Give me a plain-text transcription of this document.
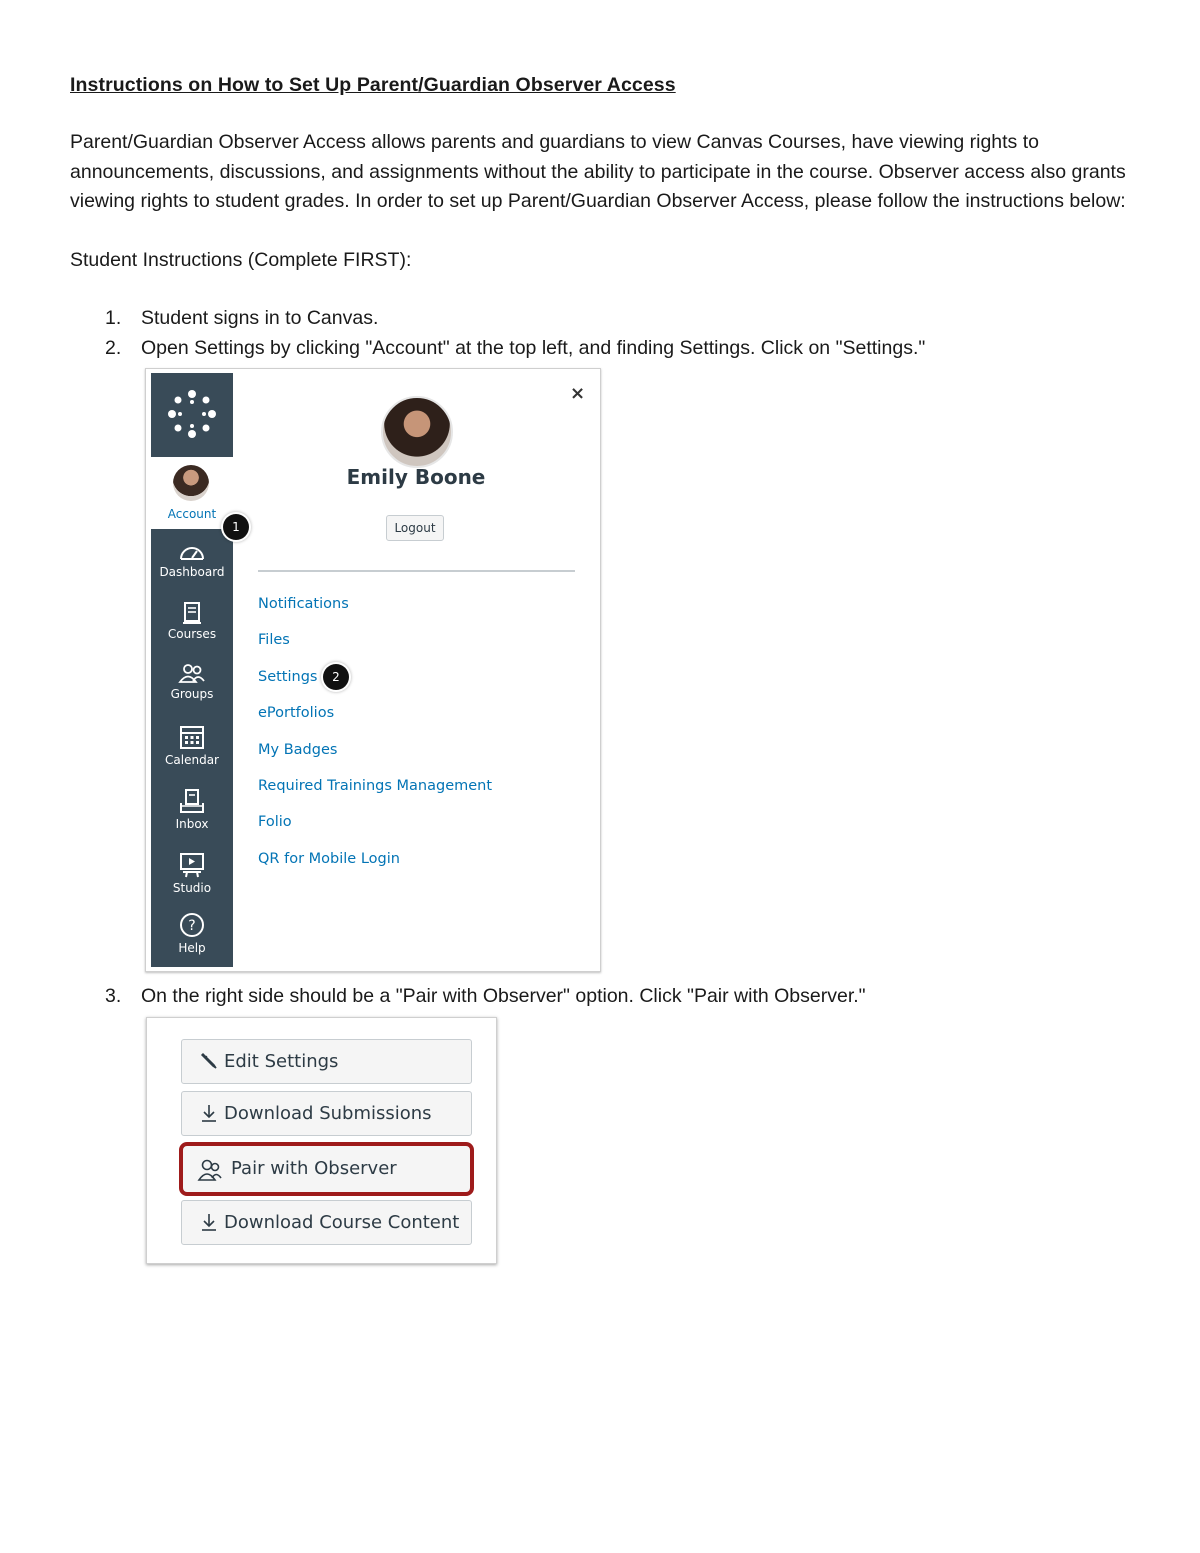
Instructions on How to Set Up Parent/Guardian Observer Access

Parent/Guardian Observer Access allows parents and guardians to view Canvas Courses, have viewing rights to announcements, discussions, and assignments without the ability to participate in the course. Observer access also grants viewing rights to student grades. In order to set up Parent/Guardian Observer Access, please follow the instructions below:

Student Instructions (Complete FIRST):

1. Student signs in to Canvas.
2. Open Settings by clicking "Account" at the top left, and finding Settings. Click on "Settings."
Account
Dashboard
Courses
Groups
Calendar
Inbox
Studio
?
Help
1
×
Emily Boone
Logout
Notifications
Files
Settings
ePortfolios
My Badges
Required Trainings Management
Folio
QR for Mobile Login
2
3. On the right side should be a "Pair with Observer" option. Click "Pair with Observer."
Edit Settings
Download Submissions
Pair with Observer
Download Course Content
